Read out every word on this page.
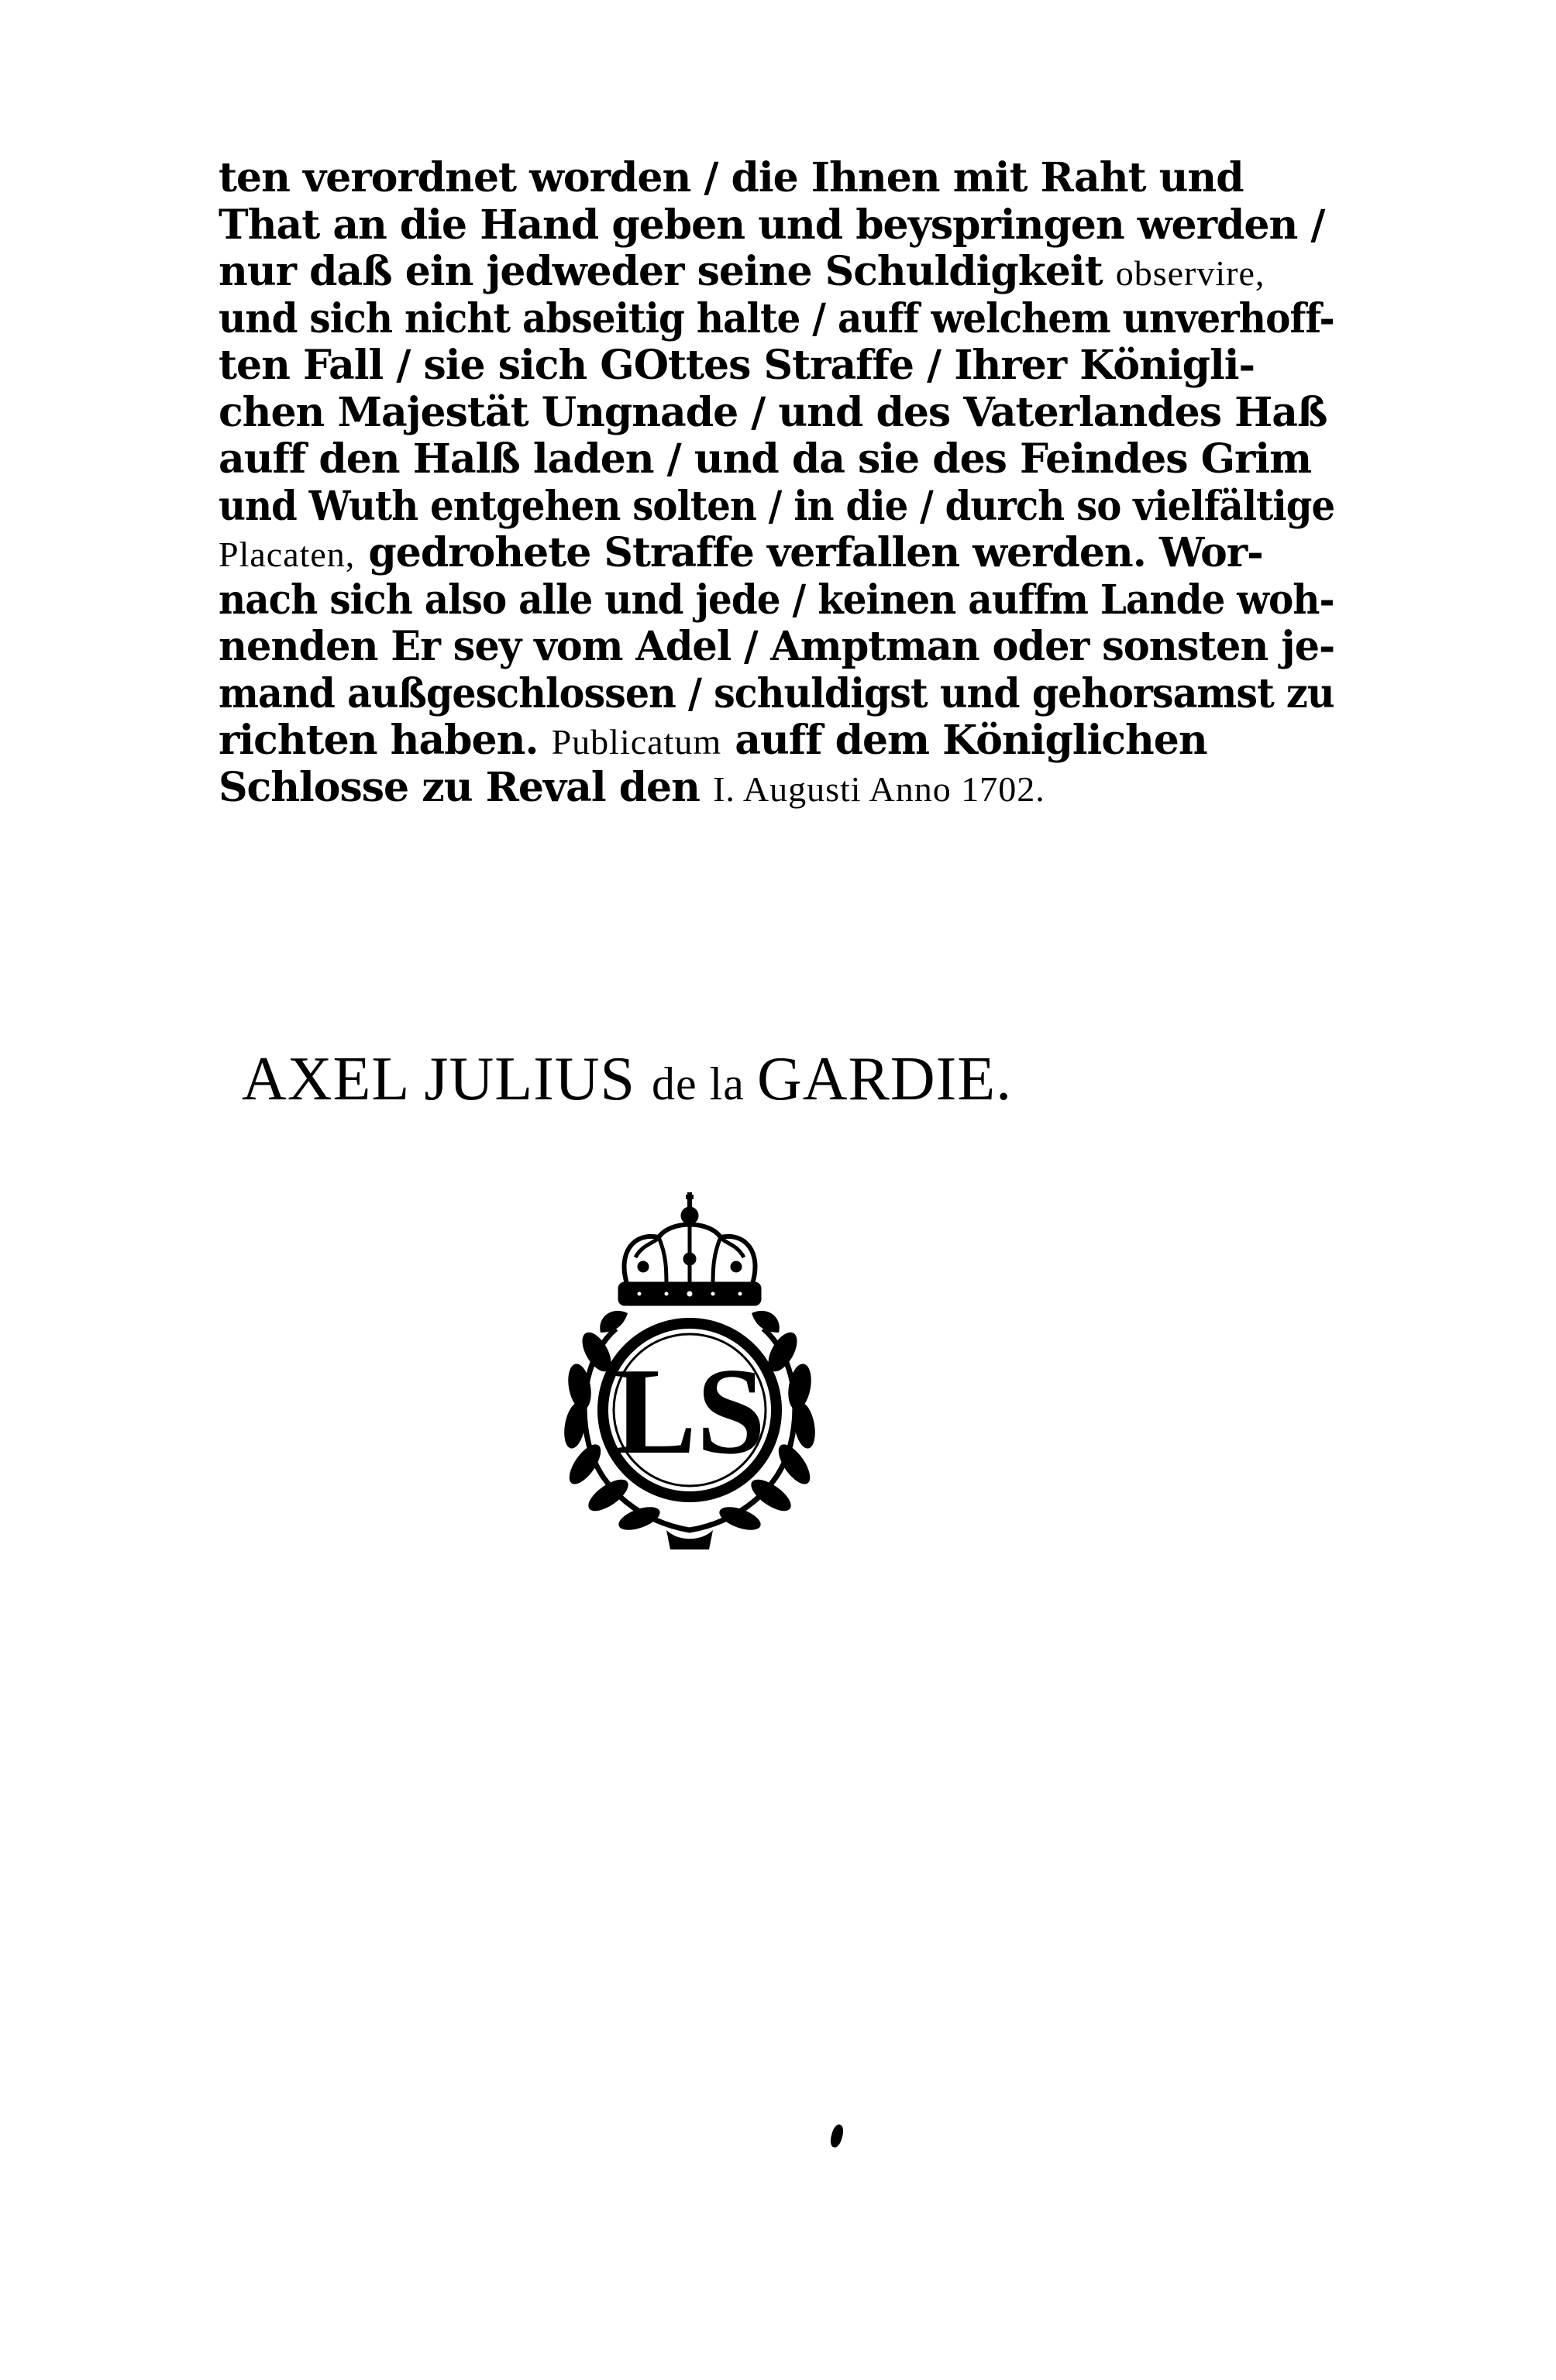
ten verordnet worden / die Ihnen mit Raht und
That an die Hand geben und beyspringen werden /
nur daß ein jedweder seine Schuldigkeit observire,
und sich nicht abseitig halte / auff welchem unverhoff-
ten Fall / sie sich GOttes Straffe / Ihrer Königli-
chen Majestät Ungnade / und des Vaterlandes Haß
auff den Halß laden / und da sie des Feindes Grim
und Wuth entgehen solten / in die / durch so vielfältige
Placaten, gedrohete Straffe verfallen werden. Wor-
nach sich also alle und jede / keinen auffm Lande woh-
nenden Er sey vom Adel / Amptman oder sonsten je-
mand außgeschlossen / schuldigst und gehorsamst zu
richten haben. Publicatum auff dem Königlichen
Schlosse zu Reval den I. Augusti Anno 1702.
AXEL JULIUS de la GARDIE.
LS
